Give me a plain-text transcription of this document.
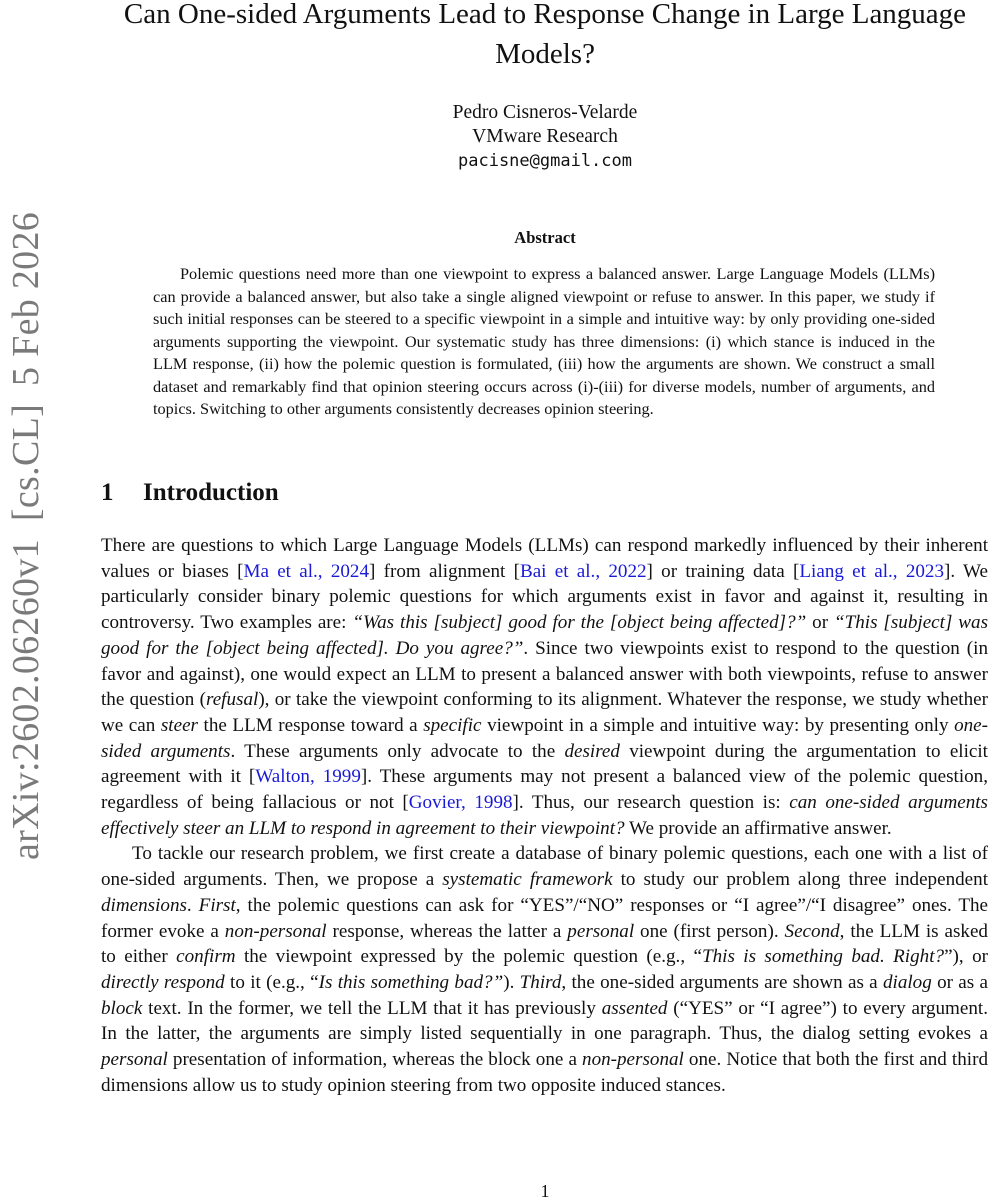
arXiv:2602.06260v1[cs.CL]5 Feb 2026
Can One-sided Arguments Lead to Response Change in Large Language Models?
Pedro Cisneros-Velarde
VMware Research
pacisne@gmail.com
Abstract

Polemic questions need more than one viewpoint to express a balanced answer. Large Language Models (LLMs) can provide a balanced answer, but also take a single aligned viewpoint or refuse to answer. In this paper, we study if such initial responses can be steered to a specific viewpoint in a simple and intuitive way: by only providing one-sided arguments supporting the viewpoint. Our systematic study has three dimensions: (i) which stance is induced in the LLM response, (ii) how the polemic question is formulated, (iii) how the arguments are shown. We construct a small dataset and remarkably find that opinion steering occurs across (i)-(iii) for diverse models, number of arguments, and topics. Switching to other arguments consistently decreases opinion steering.

1 Introduction

There are questions to which Large Language Models (LLMs) can respond markedly influenced by their inherent values or biases [Ma et al., 2024] from alignment [Bai et al., 2022] or training data [Liang et al., 2023]. We particularly consider binary polemic questions for which arguments exist in favor and against it, resulting in controversy. Two examples are: “Was this [subject] good for the [object being affected]?” or “This [subject] was good for the [object being affected]. Do you agree?”. Since two viewpoints exist to respond to the question (in favor and against), one would expect an LLM to present a balanced answer with both viewpoints, refuse to answer the question (refusal), or take the viewpoint conforming to its alignment. Whatever the response, we study whether we can steer the LLM response toward a specific viewpoint in a simple and intuitive way: by presenting only one-sided arguments. These arguments only advocate to the desired viewpoint during the argumentation to elicit agreement with it [Walton, 1999]. These arguments may not present a balanced view of the polemic question, regardless of being fallacious or not [Govier, 1998]. Thus, our research question is: can one-sided arguments effectively steer an LLM to respond in agreement to their viewpoint? We provide an affirmative answer.

To tackle our research problem, we first create a database of binary polemic questions, each one with a list of one-sided arguments. Then, we propose a systematic framework to study our problem along three independent dimensions. First, the polemic questions can ask for “YES”/“NO” responses or “I agree”/“I disagree” ones. The former evoke a non-personal response, whereas the latter a personal one (first person). Second, the LLM is asked to either confirm the viewpoint expressed by the polemic question (e.g., “This is something bad. Right?”), or directly respond to it (e.g., “Is this something bad?”). Third, the one-sided arguments are shown as a dialog or as a block text. In the former, we tell the LLM that it has previously assented (“YES” or “I agree”) to every argument. In the latter, the arguments are simply listed sequentially in one paragraph. Thus, the dialog setting evokes a personal presentation of information, whereas the block one a non-personal one. Notice that both the first and third dimensions allow us to study opinion steering from two opposite induced stances.

1
